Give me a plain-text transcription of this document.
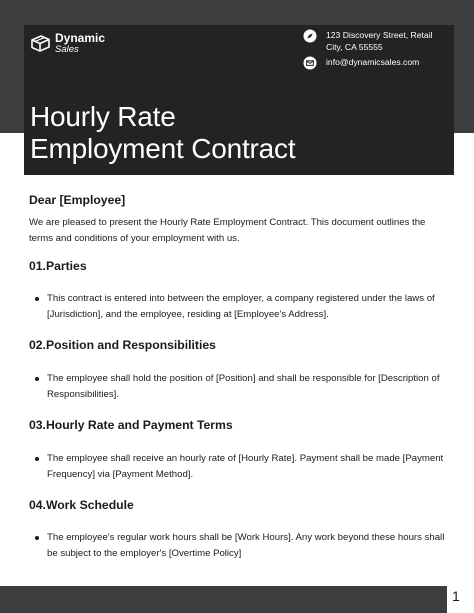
Dynamic
Sales
123 Discovery Street, Retail
City, CA 55555
info@dynamicsales.com
Hourly Rate
Employment Contract
Dear [Employee]

We are pleased to present the Hourly Rate Employment Contract. This document outlines the terms and conditions of your employment with us.

01.Parties
This contract is entered into between the employer, a company registered under the laws of [Jurisdiction], and the employee, residing at [Employee's Address].
02.Position and Responsibilities
The employee shall hold the position of [Position] and shall be responsible for [Description of Responsibilities].
03.Hourly Rate and Payment Terms
The employee shall receive an hourly rate of [Hourly Rate]. Payment shall be made [Payment Frequency] via [Payment Method].
04.Work Schedule
The employee's regular work hours shall be [Work Hours]. Any work beyond these hours shall be subject to the employer's [Overtime Policy]
1
